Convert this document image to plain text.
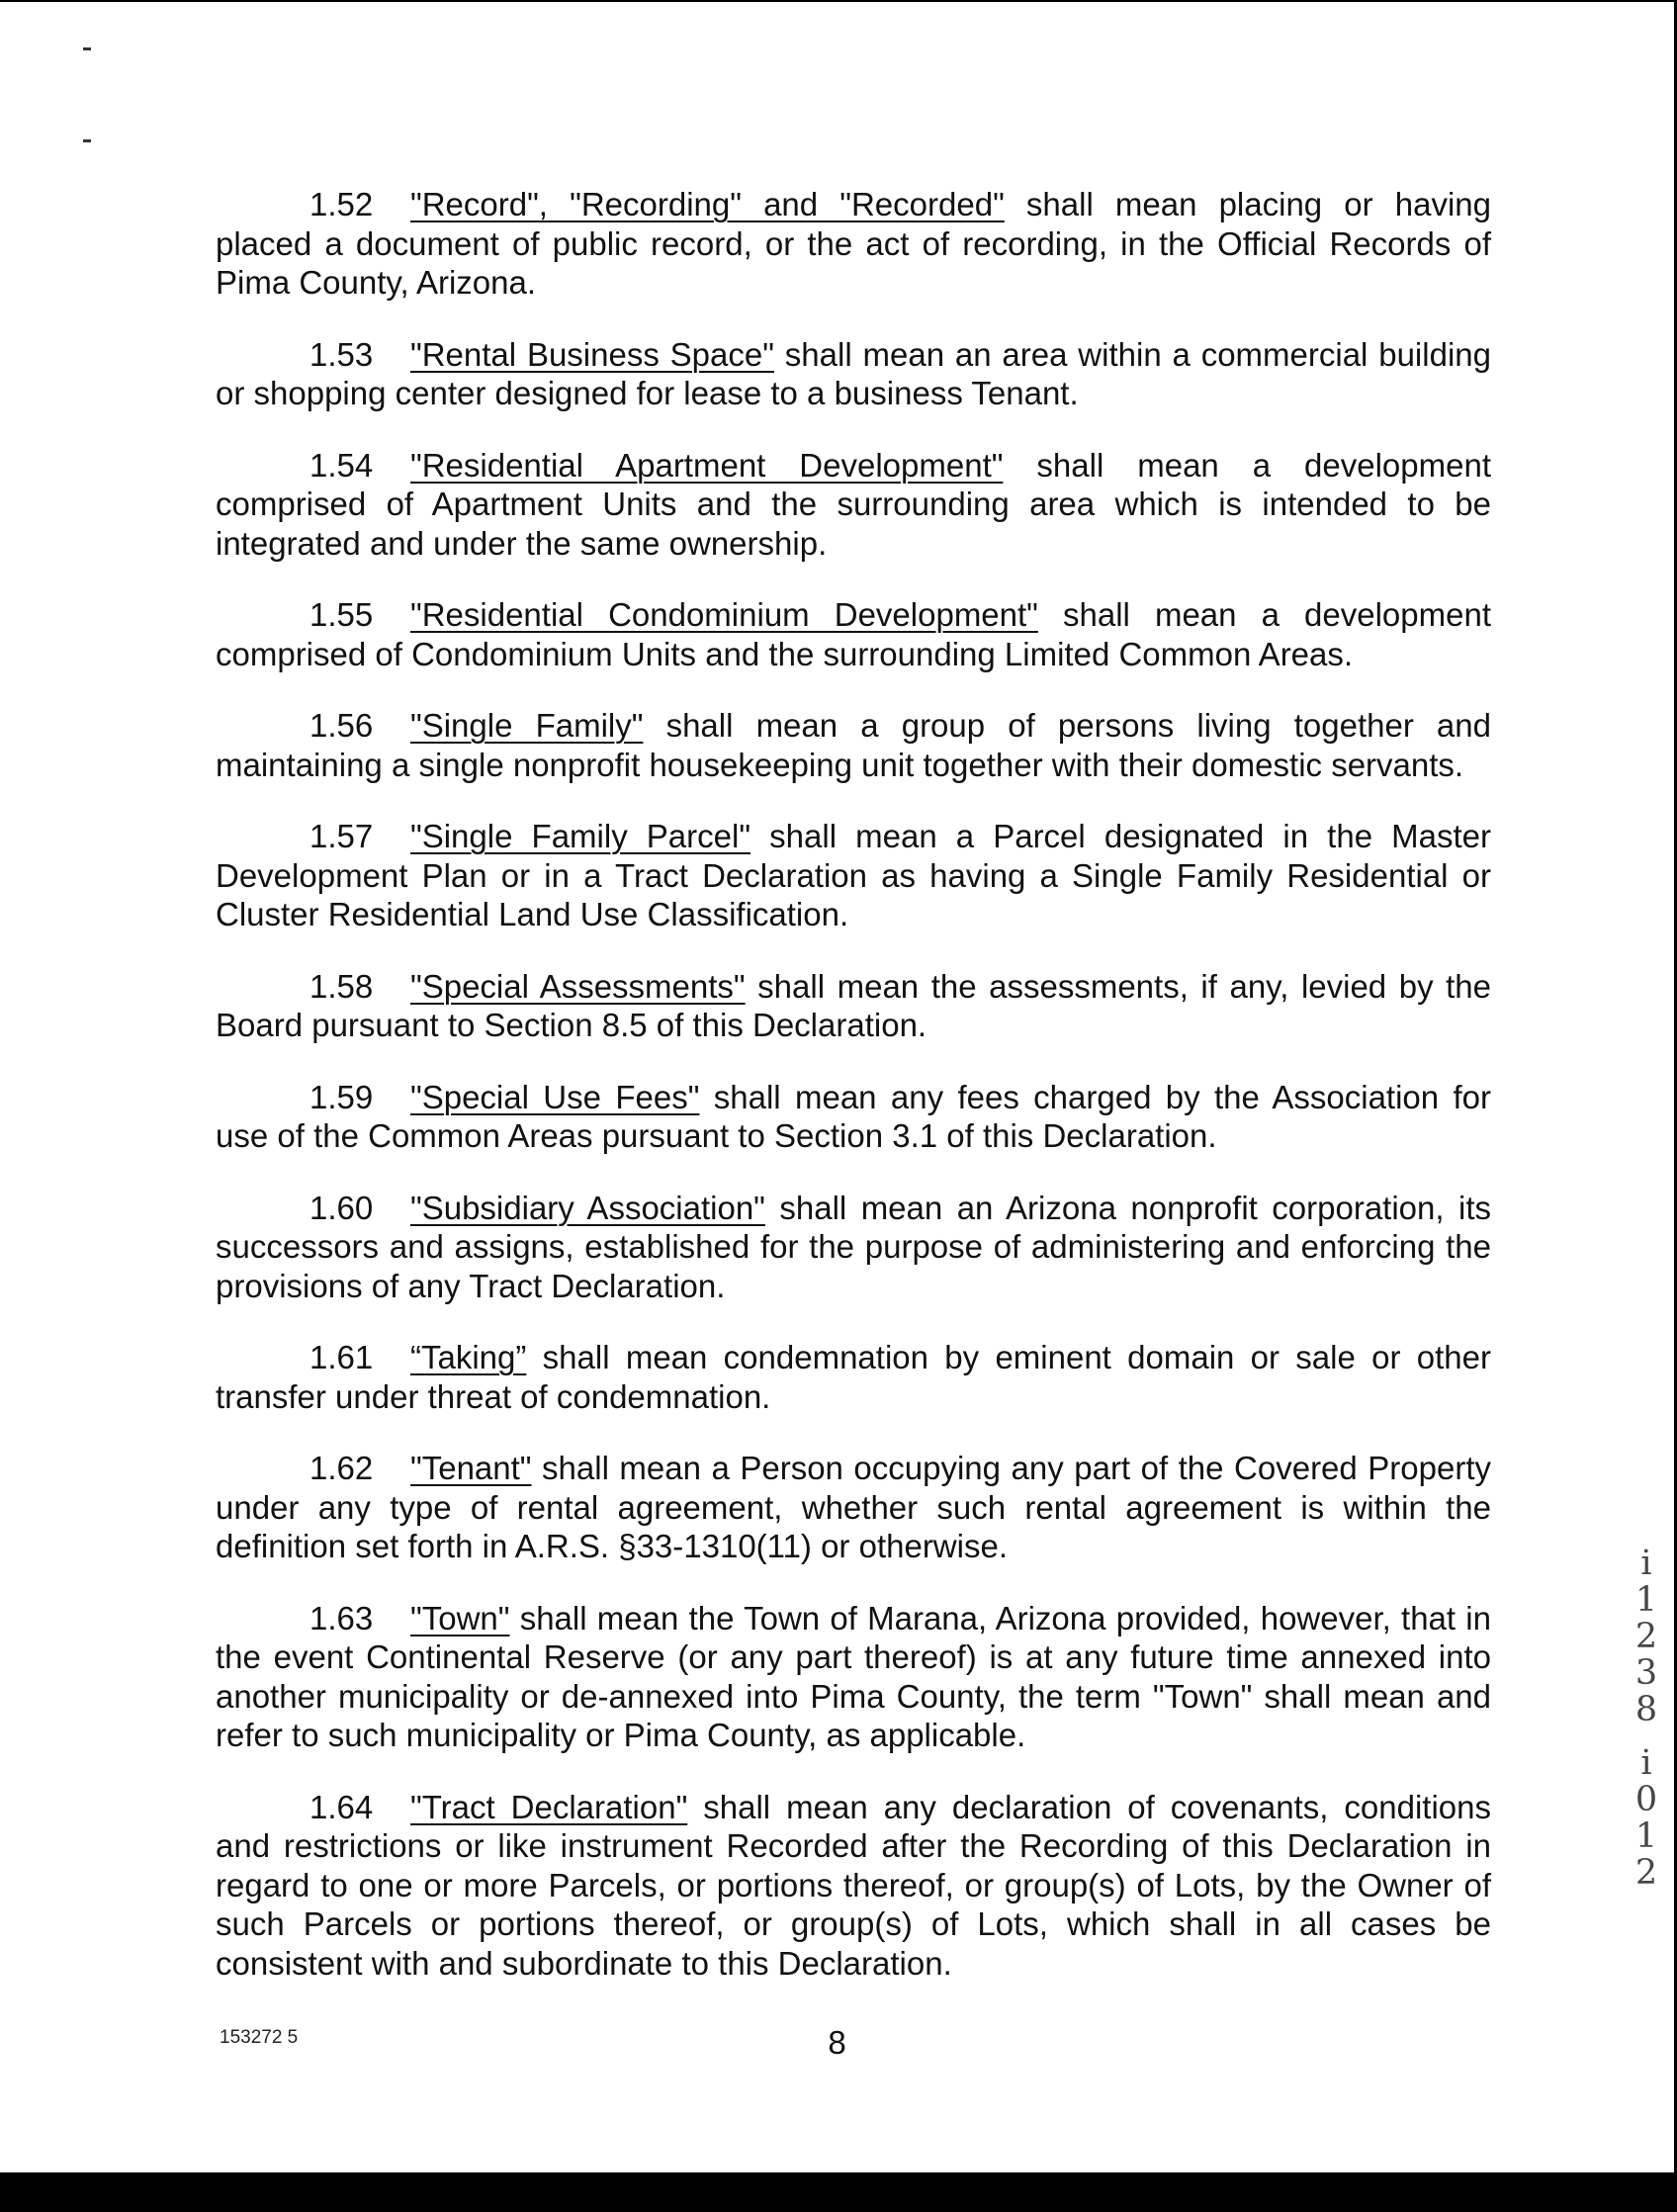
1.52 "Record", "Recording" and "Recorded" shall mean placing or having placed a document of public record, or the act of recording, in the Official Records of Pima County, Arizona.

1.53 "Rental Business Space" shall mean an area within a commercial building or shopping center designed for lease to a business Tenant.

1.54 "Residential Apartment Development" shall mean a development comprised of Apartment Units and the surrounding area which is intended to be integrated and under the same ownership.

1.55 "Residential Condominium Development" shall mean a development comprised of Condominium Units and the surrounding Limited Common Areas.

1.56 "Single Family" shall mean a group of persons living together and maintaining a single nonprofit housekeeping unit together with their domestic servants.

1.57 "Single Family Parcel" shall mean a Parcel designated in the Master Development Plan or in a Tract Declaration as having a Single Family Residential or Cluster Residential Land Use Classification.

1.58 "Special Assessments" shall mean the assessments, if any, levied by the Board pursuant to Section 8.5 of this Declaration.

1.59 "Special Use Fees" shall mean any fees charged by the Association for use of the Common Areas pursuant to Section 3.1 of this Declaration.

1.60 "Subsidiary Association" shall mean an Arizona nonprofit corporation, its successors and assigns, established for the purpose of administering and enforcing the provisions of any Tract Declaration.

1.61 “Taking” shall mean condemnation by eminent domain or sale or other transfer under threat of condemnation.

1.62 "Tenant" shall mean a Person occupying any part of the Covered Property under any type of rental agreement, whether such rental agreement is within the definition set forth in A.R.S. §33-1310(11) or otherwise.

1.63 "Town" shall mean the Town of Marana, Arizona provided, however, that in the event Continental Reserve (or any part thereof) is at any future time annexed into another municipality or de-annexed into Pima County, the term "Town" shall mean and refer to such municipality or Pima County, as applicable.

1.64 "Tract Declaration" shall mean any declaration of covenants, conditions and restrictions or like instrument Recorded after the Recording of this Declaration in regard to one or more Parcels, or portions thereof, or group(s) of Lots, by the Owner of such Parcels or portions thereof, or group(s) of Lots, which shall in all cases be consistent with and subordinate to this Declaration.

8
153272 5
i
1
2
3
8
i
0
1
2
